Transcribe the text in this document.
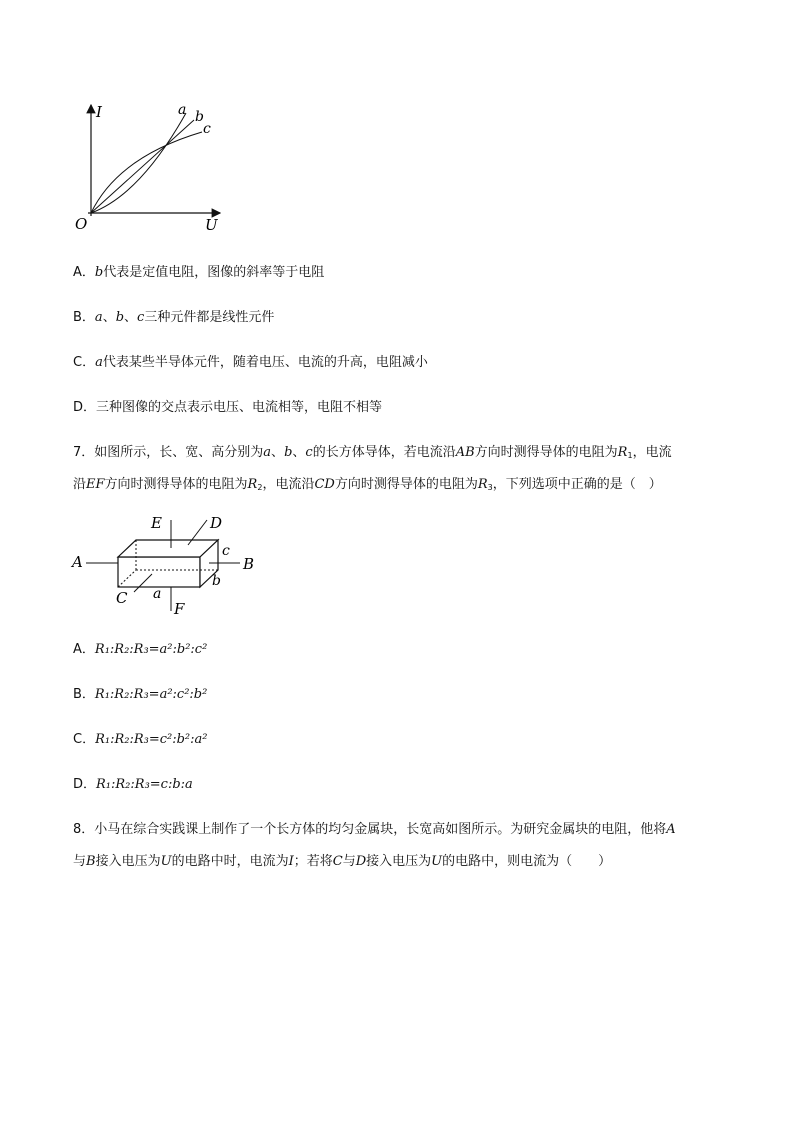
I
U
O
a b
c
A．b代表是定值电阻，图像的斜率等于电阻
B．a、b、c三种元件都是线性元件
C．a代表某些半导体元件，随着电压、电流的升高，电阻减小
D．三种图像的交点表示电压、电流相等，电阻不相等
7．如图所示，长、宽、高分别为a、b、c的长方体导体，若电流沿AB方向时测得导体的电阻为$R_1$，电流
沿EF方向时测得导体的电阻为$R_2$，电流沿CD方向时测得导体的电阻为$R_3$，下列选项中正确的是（　）
A	B
C
D
E
F
a
b
c
A．R₁:R₂:R₃=a²:b²:c²
B．R₁:R₂:R₃=a²:c²:b²
C．R₁:R₂:R₃=c²:b²:a²
D．R₁:R₂:R₃=c:b:a
8．小马在综合实践课上制作了一个长方体的均匀金属块，长宽高如图所示。为研究金属块的电阻，他将A
与B接入电压为U的电路中时，电流为I；若将C与D接入电压为U的电路中，则电流为（　　）
